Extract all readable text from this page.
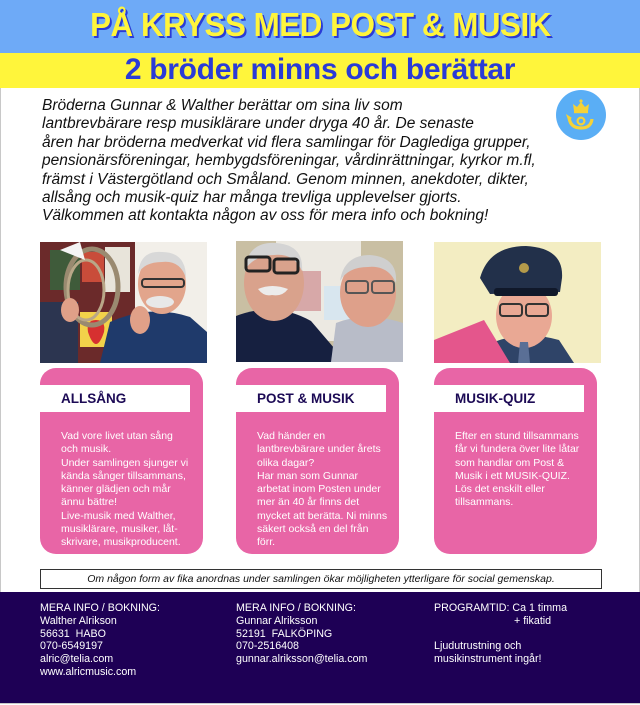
PÅ KRYSS MED POST & MUSIK
2 bröder minns och berättar
Bröderna Gunnar & Walther berättar om sina liv som
lantbrevbärare resp musiklärare under dryga 40 år. De senaste
åren har bröderna medverkat vid flera samlingar för Daglediga grupper,
pensionärsföreningar, hembygdsföreningar, vårdinrättningar, kyrkor m.fl,
främst i Västergötland och Småland. Genom minnen, anekdoter, dikter,
allsång och musik-quiz har många trevliga upplevelser gjorts.
Välkommen att kontakta någon av oss för mera info och bokning!
ALLSÅNG
Vad vore livet utan sång
och musik.
Under samlingen sjunger vi
kända sånger tillsammans,
känner glädjen och mår
ännu bättre!
Live-musik med Walther,
musiklärare, musiker, låt-
skrivare, musikproducent.
POST & MUSIK
Vad händer en
lantbrevbärare under årets
olika dagar?
Har man som Gunnar
arbetat inom Posten under
mer än 40 år finns det
mycket att berätta. Ni minns
säkert också en del från
förr.
MUSIK-QUIZ
Efter en stund tillsammans
får vi fundera över lite låtar
som handlar om Post &
Musik i ett MUSIK-QUIZ.
Lös det enskilt eller
tillsammans.
Om någon form av fika anordnas under samlingen ökar möjligheten ytterligare för social gemenskap.
MERA INFO / BOKNING:
Walther Alrikson
56631  HABO
070-6549197
alric@telia.com
www.alricmusic.com
MERA INFO / BOKNING:
Gunnar Alriksson
52191  FALKÖPING
070-2516408
gunnar.alriksson@telia.com
PROGRAMTID: Ca 1 timma
+ fikatid
Ljudutrustning och
musikinstrument ingår!
